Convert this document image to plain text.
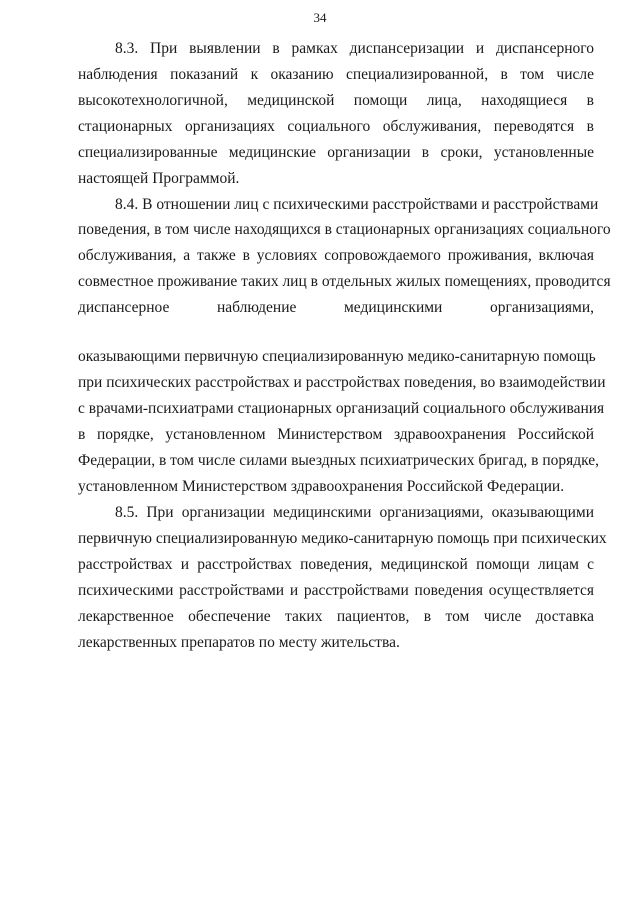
34
8.3. При выявлении в рамках диспансеризации и диспансерного
наблюдения показаний к оказанию специализированной, в том числе
высокотехнологичной, медицинской помощи лица, находящиеся в
стационарных организациях социального обслуживания, переводятся в
специализированные медицинские организации в сроки, установленные
настоящей Программой.
8.4. В отношении лиц с психическими расстройствами и расстройствами
поведения, в том числе находящихся в стационарных организациях социального
обслуживания, а также в условиях сопровождаемого проживания, включая
совместное проживание таких лиц в отдельных жилых помещениях, проводится
диспансерное наблюдение медицинскими организациями,
оказывающими первичную специализированную медико-санитарную помощь
при психических расстройствах и расстройствах поведения, во взаимодействии
с врачами-психиатрами стационарных организаций социального обслуживания
в порядке, установленном Министерством здравоохранения Российской
Федерации, в том числе силами выездных психиатрических бригад, в порядке,
установленном Министерством здравоохранения Российской Федерации.
8.5. При организации медицинскими организациями, оказывающими
первичную специализированную медико-санитарную помощь при психических
расстройствах и расстройствах поведения, медицинской помощи лицам с
психическими расстройствами и расстройствами поведения осуществляется
лекарственное обеспечение таких пациентов, в том числе доставка
лекарственных препаратов по месту жительства.
